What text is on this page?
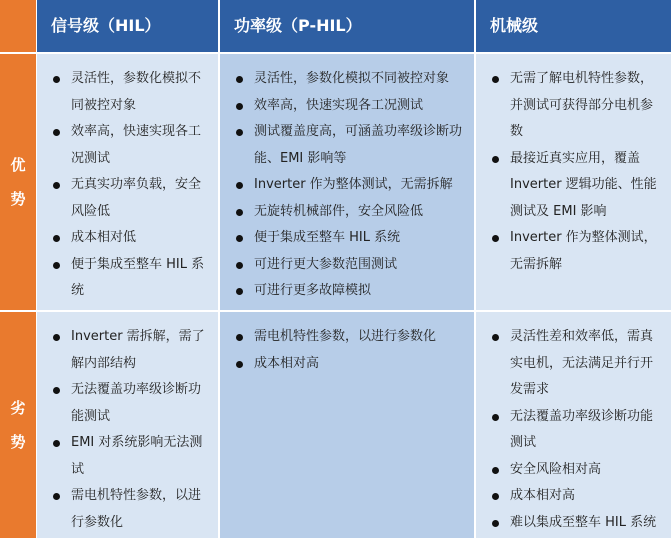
信号级（HIL）	功率级（P-HIL）	机械级
优
势
劣
势
灵活性，参数化模拟不同被控对象
效率高，快速实现各工况测试
无真实功率负载，安全风险低
成本相对低
便于集成至整车 HIL 系统
灵活性，参数化模拟不同被控对象
效率高，快速实现各工况测试
测试覆盖度高，可涵盖功率级诊断功能、EMI 影响等
Inverter 作为整体测试，无需拆解
无旋转机械部件，安全风险低
便于集成至整车 HIL 系统
可进行更大参数范围测试
可进行更多故障模拟
无需了解电机特性参数，并测试可获得部分电机参数
最接近真实应用，覆盖 Inverter 逻辑功能、性能测试及 EMI 影响
Inverter 作为整体测试，无需拆解
Inverter 需拆解，需了解内部结构
无法覆盖功率级诊断功能测试
EMI 对系统影响无法测试
需电机特性参数，以进行参数化
需电机特性参数，以进行参数化
成本相对高
灵活性差和效率低，需真实电机，无法满足并行开发需求
无法覆盖功率级诊断功能测试
安全风险相对高
成本相对高
难以集成至整车 HIL 系统
